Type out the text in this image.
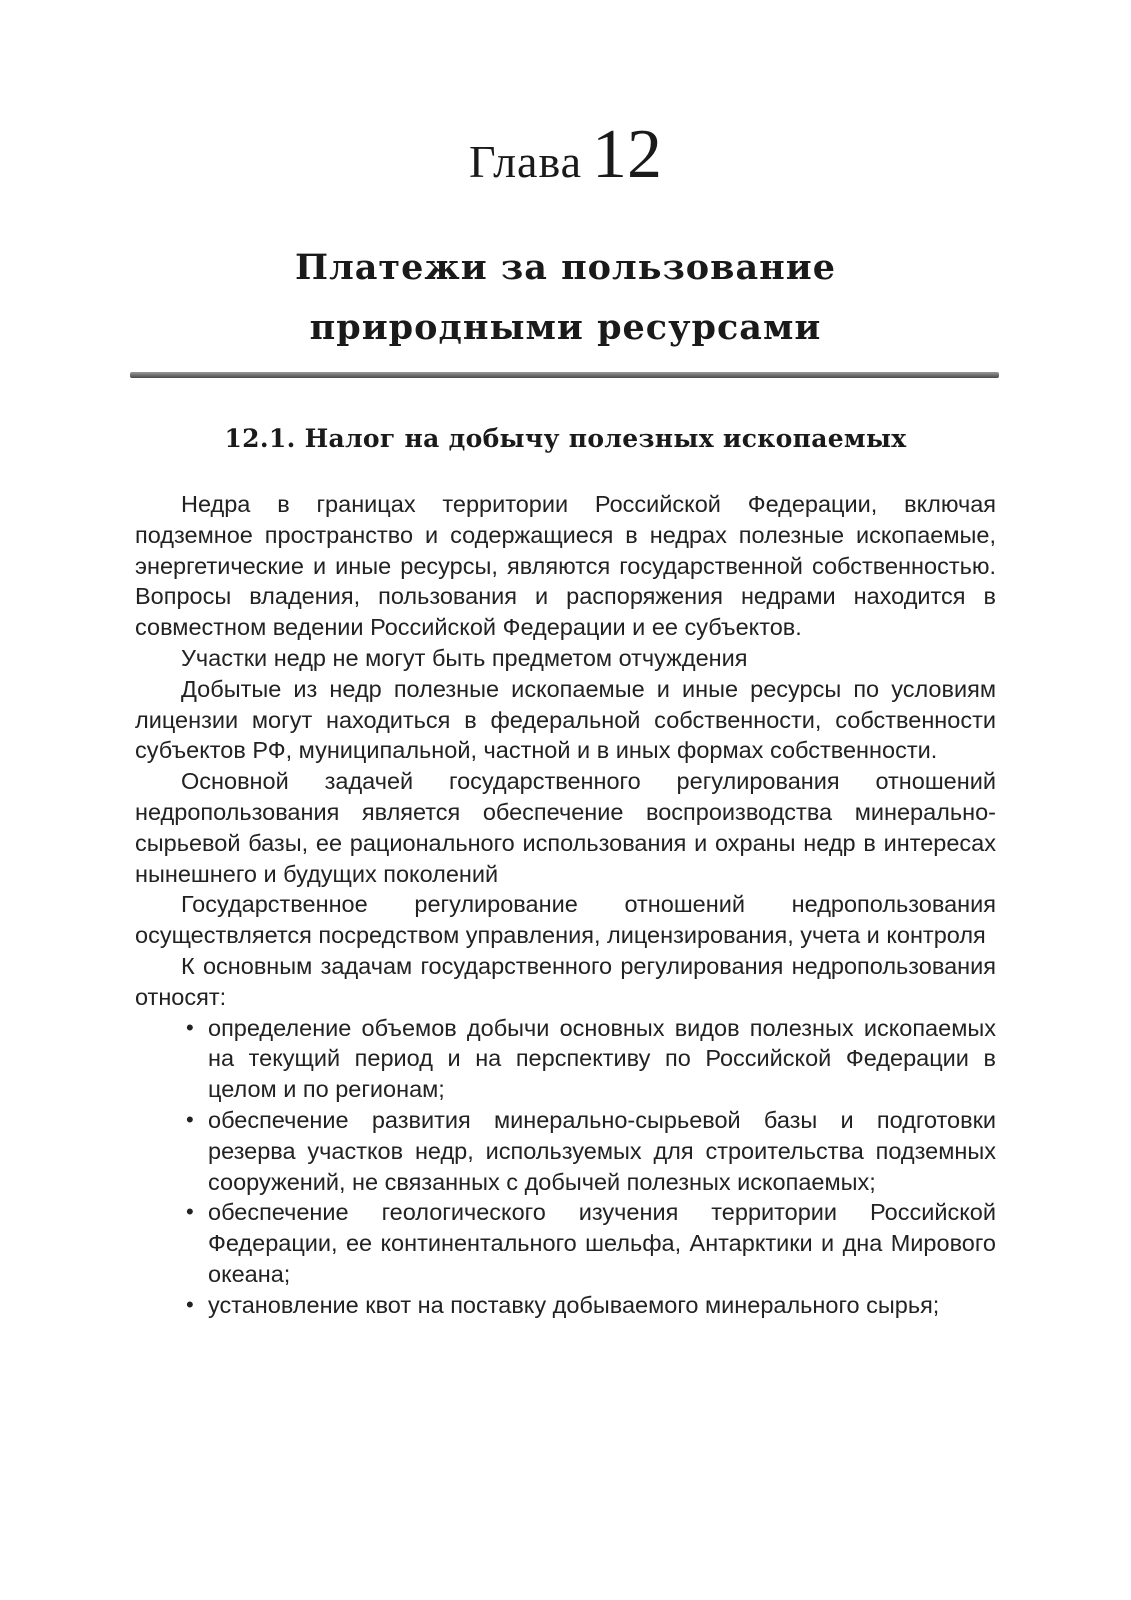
Глава 12
Платежи за пользование
природными ресурсами
12.1. Налог на добычу полезных ископаемых

Недра в границах территории Российской Федерации, включая подземное пространство и содержащиеся в недрах полезные ископаемые, энергетические и иные ресурсы, являются государственной собственностью. Вопросы владения, пользования и распоряжения недрами находится в совместном ведении Российской Федерации и ее субъектов.

Участки недр не могут быть предметом отчуждения

Добытые из недр полезные ископаемые и иные ресурсы по условиям лицензии могут находиться в федеральной собственности, собственности субъектов РФ, муниципальной, частной и в иных формах собственности.

Основной задачей государственного регулирования отношений недропользования является обеспечение воспроизводства минерально-сырьевой базы, ее рационального использования и охраны недр в интересах нынешнего и будущих поколений

Государственное регулирование отношений недропользования осуществляется посредством управления, лицензирования, учета и контроля

К основным задачам государственного регулирования недропользования относят:

• определение объемов добычи основных видов полезных ископаемых на текущий период и на перспективу по Российской Федерации в целом и по регионам;
• обеспечение развития минерально-сырьевой базы и подготовки резерва участков недр, используемых для строительства подземных сооружений, не связанных с добычей полезных ископаемых;
• обеспечение геологического изучения территории Российской Федерации, ее континентального шельфа, Антарктики и дна Мирового океана;
• установление квот на поставку добываемого минерального сырья;
